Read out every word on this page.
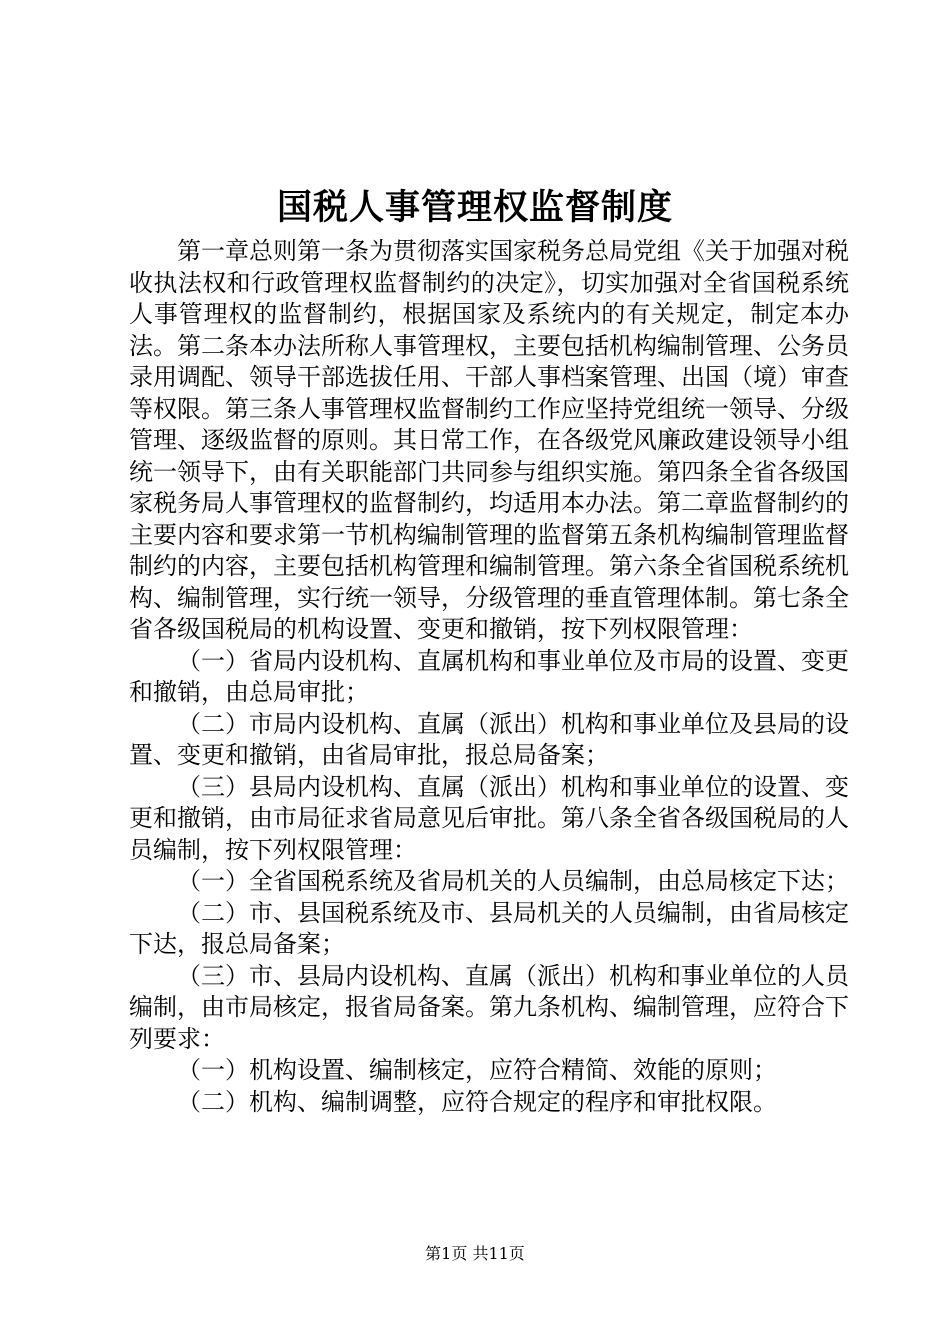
国税人事管理权监督制度

第一章总则第一条为贯彻落实国家税务总局党组《关于加强对税收执法权和行政管理权监督制约的决定》，切实加强对全省国税系统人事管理权的监督制约，根据国家及系统内的有关规定，制定本办法。第二条本办法所称人事管理权，主要包括机构编制管理、公务员录用调配、领导干部选拔任用、干部人事档案管理、出国（境）审查等权限。第三条人事管理权监督制约工作应坚持党组统一领导、分级管理、逐级监督的原则。其日常工作，在各级党风廉政建设领导小组统一领导下，由有关职能部门共同参与组织实施。第四条全省各级国家税务局人事管理权的监督制约，均适用本办法。第二章监督制约的主要内容和要求第一节机构编制管理的监督第五条机构编制管理监督制约的内容，主要包括机构管理和编制管理。第六条全省国税系统机构、编制管理，实行统一领导，分级管理的垂直管理体制。第七条全省各级国税局的机构设置、变更和撤销，按下列权限管理：

（一）省局内设机构、直属机构和事业单位及市局的设置、变更和撤销，由总局审批；

（二）市局内设机构、直属（派出）机构和事业单位及县局的设置、变更和撤销，由省局审批，报总局备案；

（三）县局内设机构、直属（派出）机构和事业单位的设置、变更和撤销，由市局征求省局意见后审批。第八条全省各级国税局的人员编制，按下列权限管理：

（一）全省国税系统及省局机关的人员编制，由总局核定下达；

（二）市、县国税系统及市、县局机关的人员编制，由省局核定下达，报总局备案；

（三）市、县局内设机构、直属（派出）机构和事业单位的人员编制，由市局核定，报省局备案。第九条机构、编制管理，应符合下列要求：

（一）机构设置、编制核定，应符合精简、效能的原则；

（二）机构、编制调整，应符合规定的程序和审批权限。

第1页 共11页
